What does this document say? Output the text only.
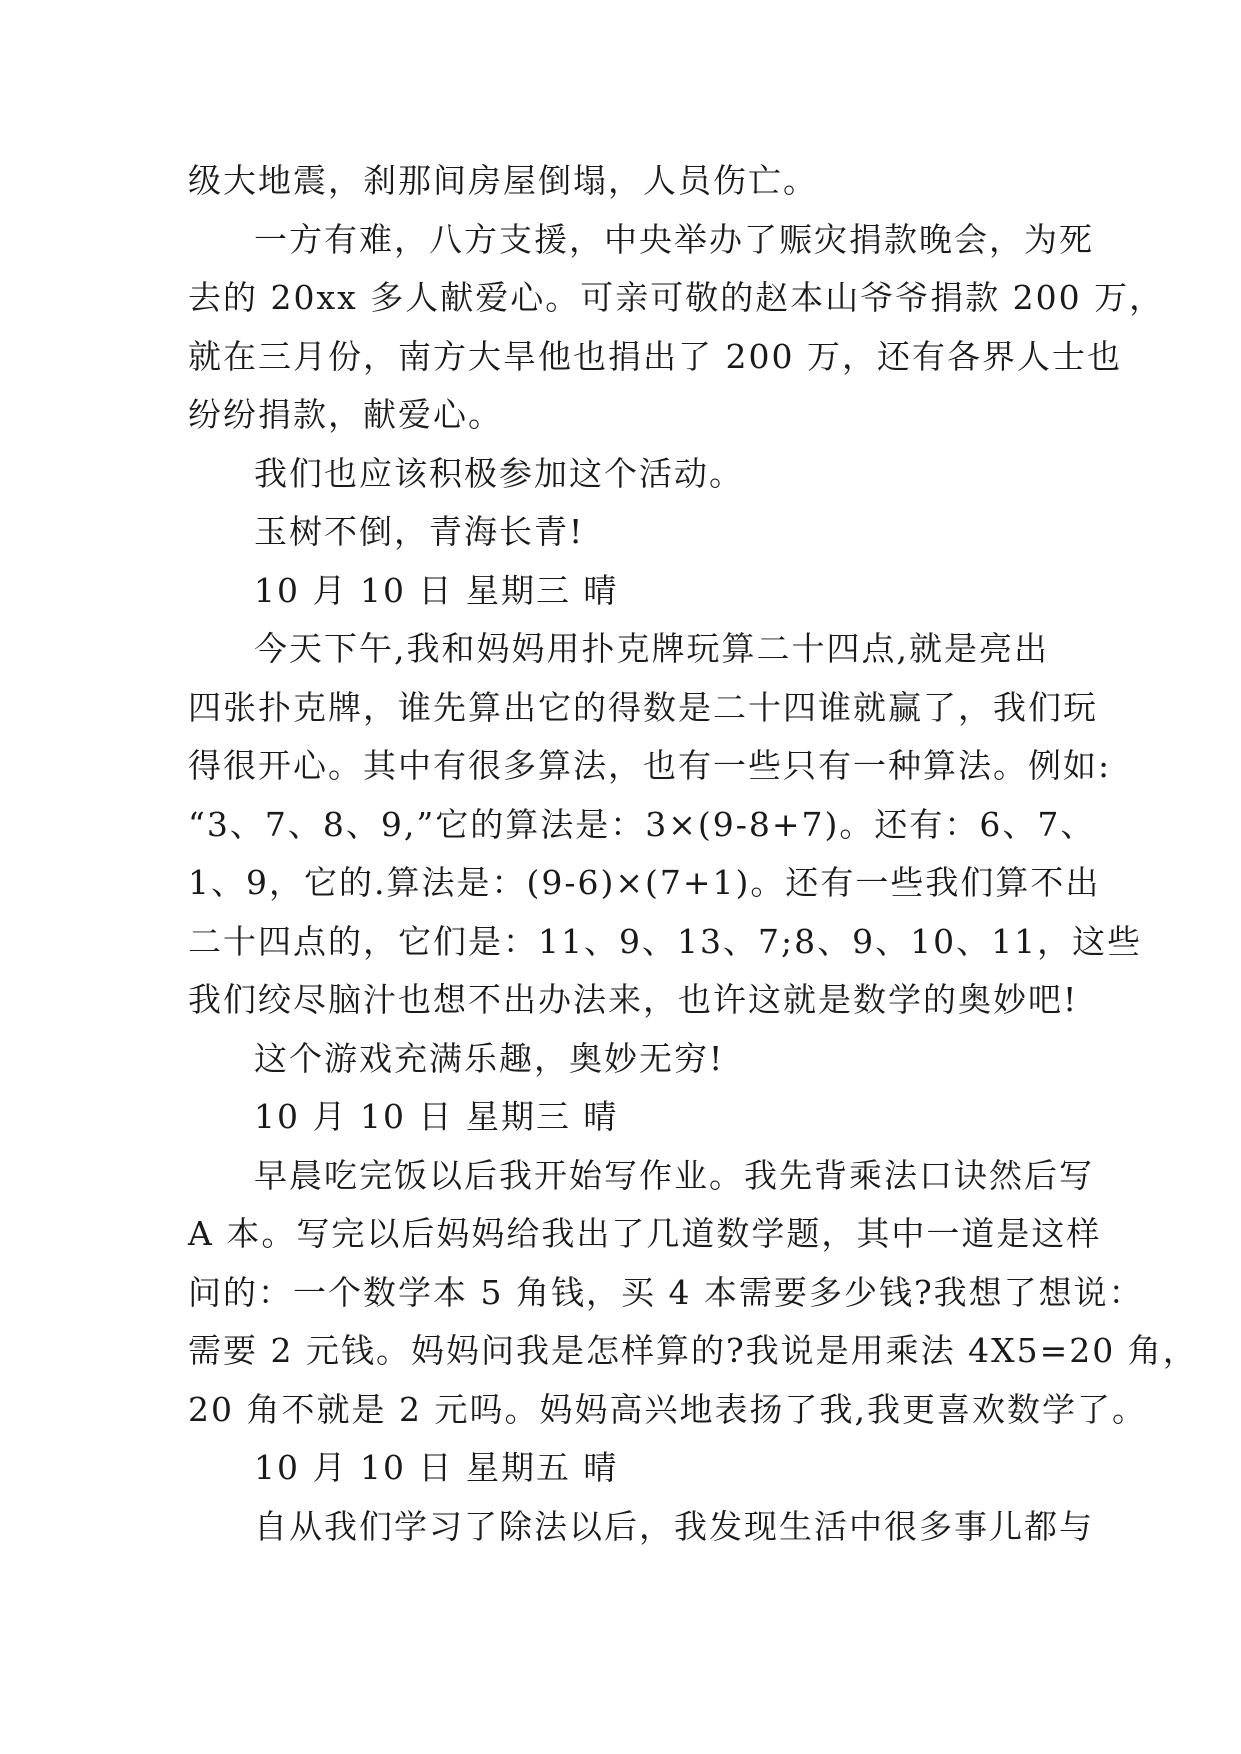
级大地震，刹那间房屋倒塌，人员伤亡。
一方有难，八方支援，中央举办了赈灾捐款晚会，为死
去的 20xx 多人献爱心。可亲可敬的赵本山爷爷捐款 200 万，
就在三月份，南方大旱他也捐出了 200 万，还有各界人士也
纷纷捐款，献爱心。
我们也应该积极参加这个活动。
玉树不倒，青海长青!
10 月 10 日 星期三 晴
今天下午,我和妈妈用扑克牌玩算二十四点,就是亮出
四张扑克牌，谁先算出它的得数是二十四谁就赢了，我们玩
得很开心。其中有很多算法，也有一些只有一种算法。例如:
“3、7、8、9,”它的算法是：3×(9-8+7)。还有：6、7、
1、9，它的.算法是：(9-6)×(7+1)。还有一些我们算不出
二十四点的，它们是：11、9、13、7;8、9、10、11，这些
我们绞尽脑汁也想不出办法来，也许这就是数学的奥妙吧!
这个游戏充满乐趣，奥妙无穷!
10 月 10 日 星期三 晴
早晨吃完饭以后我开始写作业。我先背乘法口诀然后写
A 本。写完以后妈妈给我出了几道数学题，其中一道是这样
问的：一个数学本 5 角钱，买 4 本需要多少钱?我想了想说：
需要 2 元钱。妈妈问我是怎样算的?我说是用乘法 4X5=20 角，
20 角不就是 2 元吗。妈妈高兴地表扬了我,我更喜欢数学了。
10 月 10 日 星期五 晴
自从我们学习了除法以后，我发现生活中很多事儿都与
